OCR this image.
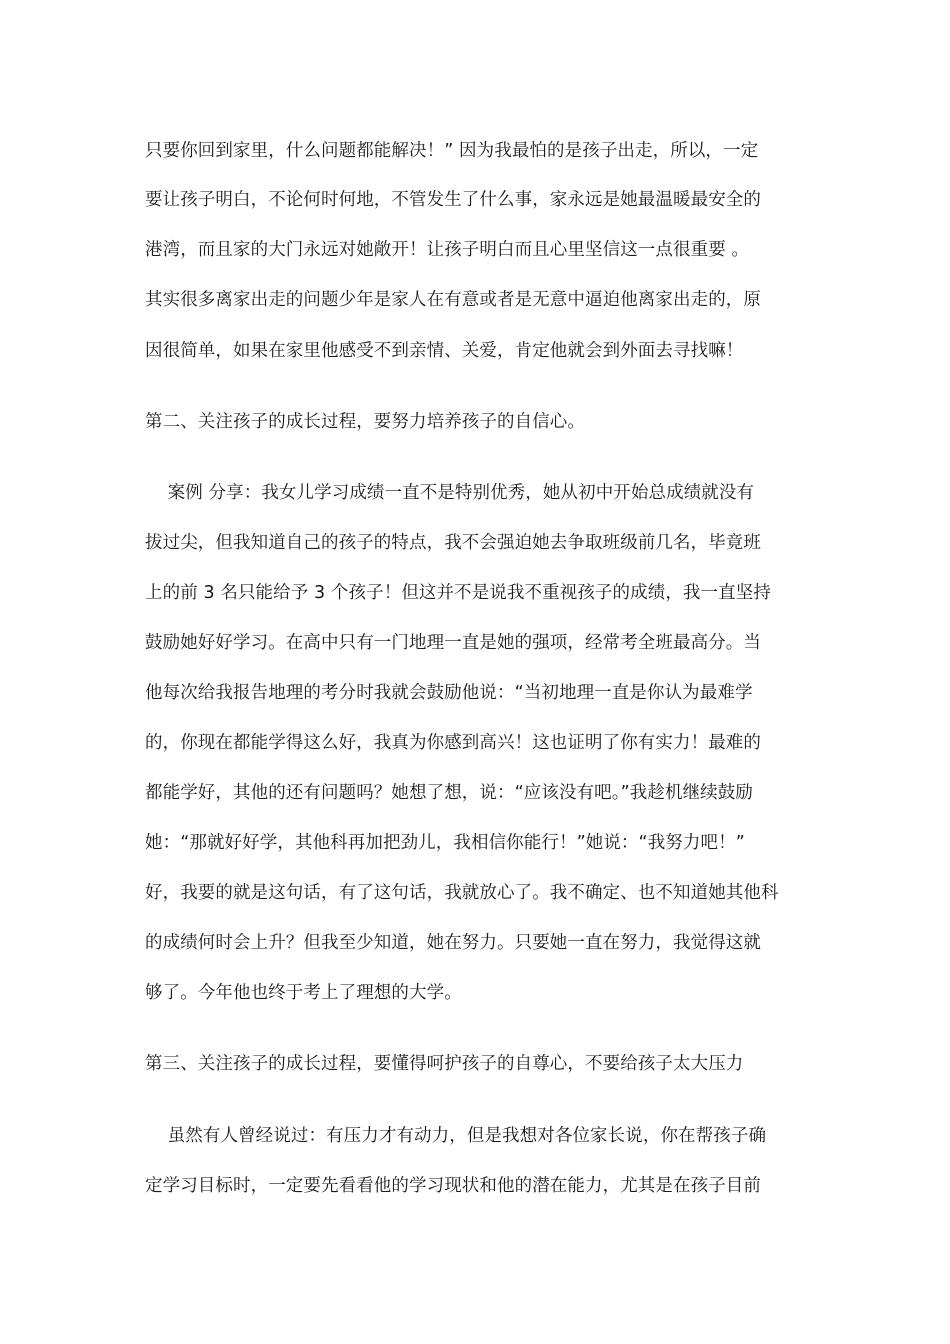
只要你回到家里，什么问题都能解决！” 因为我最怕的是孩子出走，所以，一定
要让孩子明白，不论何时何地，不管发生了什么事，家永远是她最温暖最安全的
港湾，而且家的大门永远对她敞开！让孩子明白而且心里坚信这一点很重要 。
其实很多离家出走的问题少年是家人在有意或者是无意中逼迫他离家出走的，原
因很简单，如果在家里他感受不到亲情、关爱，肯定他就会到外面去寻找嘛！
第二、关注孩子的成长过程，要努力培养孩子的自信心。
案例 分享：我女儿学习成绩一直不是特别优秀，她从初中开始总成绩就没有
拔过尖，但我知道自己的孩子的特点，我不会强迫她去争取班级前几名，毕竟班
上的前 3 名只能给予 3 个孩子！但这并不是说我不重视孩子的成绩，我一直坚持
鼓励她好好学习。在高中只有一门地理一直是她的强项，经常考全班最高分。当
他每次给我报告地理的考分时我就会鼓励他说：“当初地理一直是你认为最难学
的，你现在都能学得这么好，我真为你感到高兴！这也证明了你有实力！最难的
都能学好，其他的还有问题吗？她想了想，说：“应该没有吧。”我趁机继续鼓励
她：“那就好好学，其他科再加把劲儿，我相信你能行！”她说：“我努力吧！”
好，我要的就是这句话，有了这句话，我就放心了。我不确定、也不知道她其他科
的成绩何时会上升？但我至少知道，她在努力。只要她一直在努力，我觉得这就
够了。今年他也终于考上了理想的大学。
第三、关注孩子的成长过程，要懂得呵护孩子的自尊心，不要给孩子太大压力
虽然有人曾经说过：有压力才有动力，但是我想对各位家长说，你在帮孩子确
定学习目标时，一定要先看看他的学习现状和他的潜在能力，尤其是在孩子目前
